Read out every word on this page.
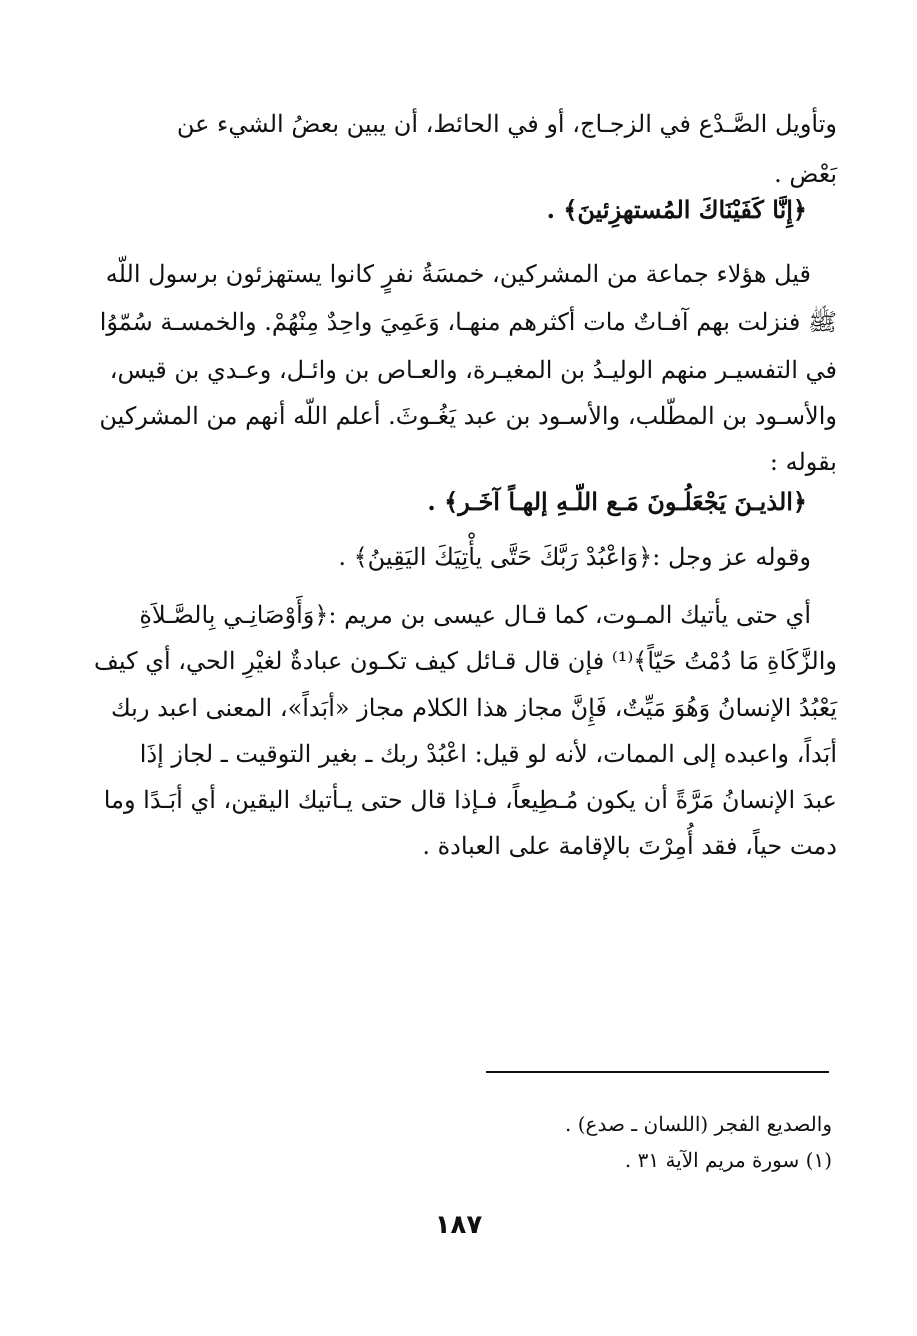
وتأويل الصَّـدْع في الزجـاج، أو في الحائط، أن يبين بعضُ الشيء عن
بَعْض .
﴿إِنَّا كَفَيْنَاكَ المُستهزِئينَ﴾ .
قيل هؤلاء جماعة من المشركين، خمسَةُ نفرٍ كانوا يستهزئون برسول اللّه
ﷺ فنزلت بهم آفـاتٌ مات أكثرهم منهـا، وَعَمِيَ واحِدٌ مِنْهُمْ. والخمسـة سُمّوُا
في التفسيـر منهم الوليـدُ بن المغيـرة، والعـاص بن وائـل، وعـدي بن قيس،
والأسـود بن المطّلب، والأسـود بن عبد يَغُـوثَ. أعلم اللّه أنهم من المشركين
بقوله :
﴿الذيـنَ يَجْعَلُـونَ مَـع اللّـهِ إلهـاً آخَـر﴾ .
وقوله عز وجل :﴿وَاعْبُدْ رَبَّكَ حَتَّى يأْتِيَكَ اليَقِينُ﴾ .
أي حتى يأتيك المـوت، كما قـال عيسى بن مريم :﴿وَأَوْصَانِـي بِالصَّـلاَةِ
والزَّكَاةِ مَا دُمْتُ حَيّاً﴾⁽¹⁾ فإن قال قـائل كيف تكـون عبادةٌ لغيْرِ الحي، أي كيف
يَعْبُدُ الإنسانُ وَهُوَ مَيِّتٌ، فَإِنَّ مجاز هذا الكلام مجاز «أبَداً»، المعنى اعبد ربك
أبَداً، واعبده إلى الممات، لأنه لو قيل: اعْبُدْ ربك ـ بغير التوقيت ـ لجاز إذَا
عبدَ الإنسانُ مَرَّةً أن يكون مُـطِيعاً، فـإذا قال حتى يـأتيك اليقين، أي أبَـدًا وما
دمت حياً، فقد أُمِرْتَ بالإقامة على العبادة .
والصديع الفجر (اللسان ـ صدع) .
(١) سورة مريم الآية ٣١ .
١٨٧
